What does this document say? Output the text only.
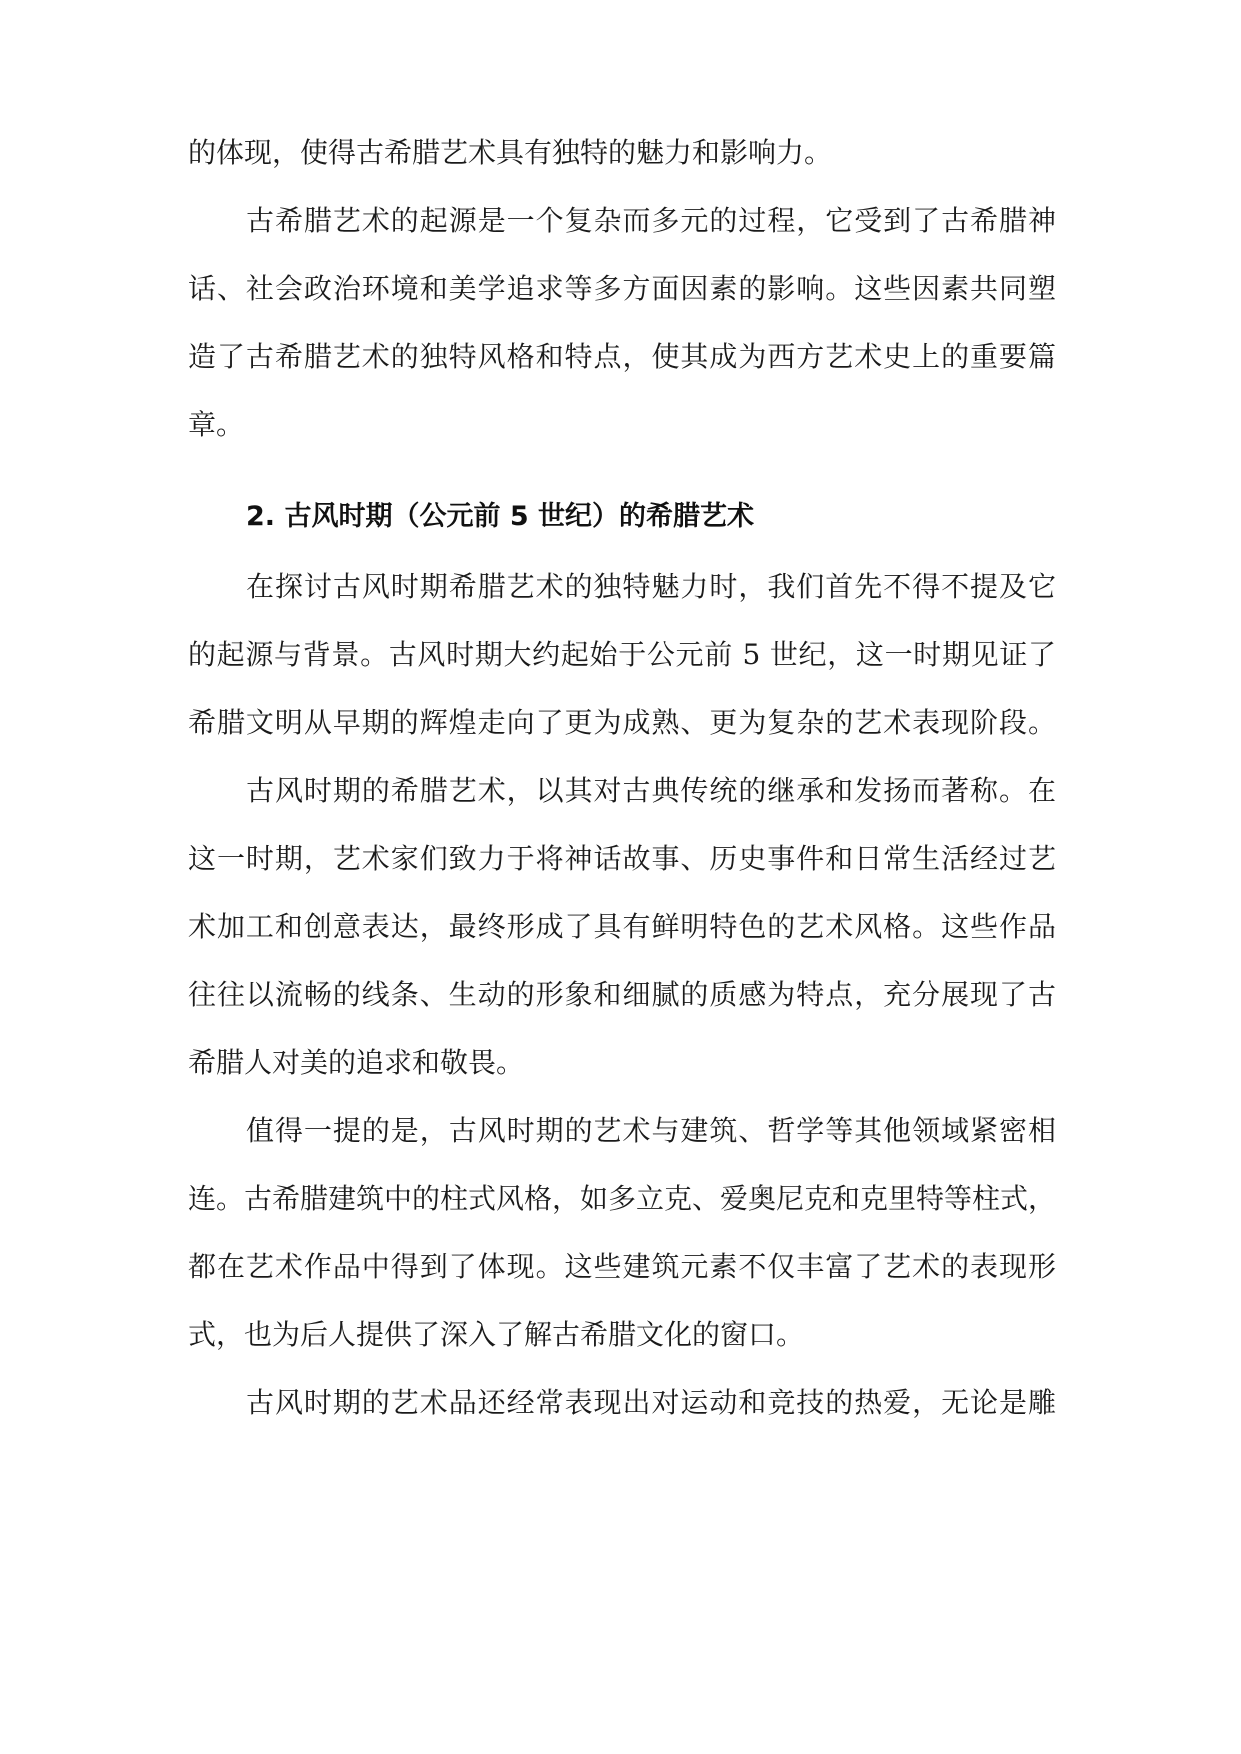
的体现，使得古希腊艺术具有独特的魅力和影响力。
古希腊艺术的起源是一个复杂而多元的过程，它受到了古希腊神
话、社会政治环境和美学追求等多方面因素的影响。这些因素共同塑
造了古希腊艺术的独特风格和特点，使其成为西方艺术史上的重要篇
章。
2. 古风时期（公元前 5 世纪）的希腊艺术
在探讨古风时期希腊艺术的独特魅力时，我们首先不得不提及它
的起源与背景。古风时期大约起始于公元前 5 世纪，这一时期见证了
希腊文明从早期的辉煌走向了更为成熟、更为复杂的艺术表现阶段。
古风时期的希腊艺术，以其对古典传统的继承和发扬而著称。在
这一时期，艺术家们致力于将神话故事、历史事件和日常生活经过艺
术加工和创意表达，最终形成了具有鲜明特色的艺术风格。这些作品
往往以流畅的线条、生动的形象和细腻的质感为特点，充分展现了古
希腊人对美的追求和敬畏。
值得一提的是，古风时期的艺术与建筑、哲学等其他领域紧密相
连。古希腊建筑中的柱式风格，如多立克、爱奥尼克和克里特等柱式，
都在艺术作品中得到了体现。这些建筑元素不仅丰富了艺术的表现形
式，也为后人提供了深入了解古希腊文化的窗口。
古风时期的艺术品还经常表现出对运动和竞技的热爱，无论是雕
